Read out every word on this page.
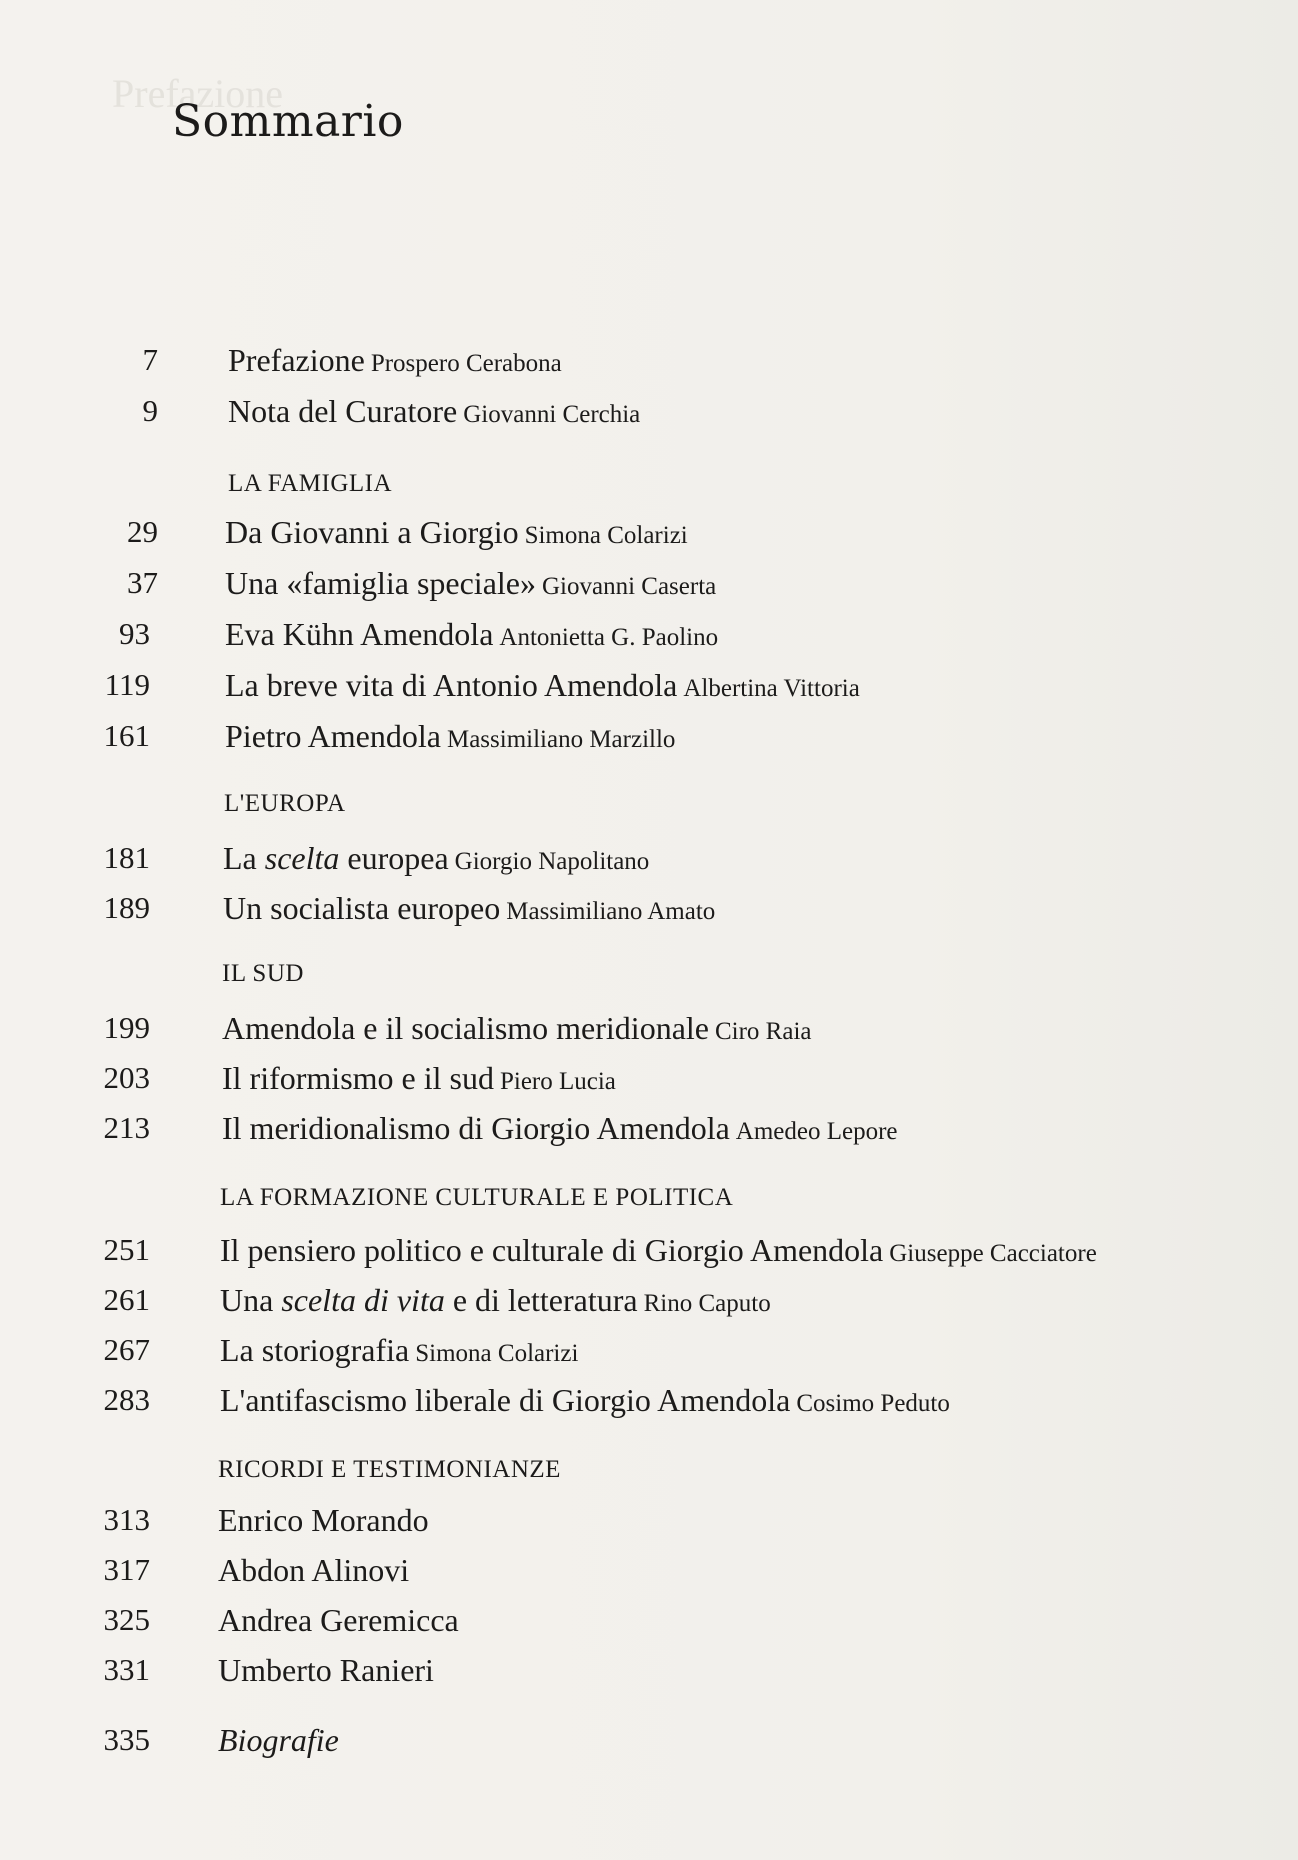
Prefazione
Sommario
7 Prefazione Prospero Cerabona
9 Nota del Curatore Giovanni Cerchia
29 Da Giovanni a Giorgio Simona Colarizi
37 Una «famiglia speciale» Giovanni Caserta
93 Eva Kühn Amendola Antonietta G. Paolino
119 La breve vita di Antonio Amendola Albertina Vittoria
161 Pietro Amendola Massimiliano Marzillo
181 La scelta europea Giorgio Napolitano
189 Un socialista europeo Massimiliano Amato
199 Amendola e il socialismo meridionale Ciro Raia
203 Il riformismo e il sud Piero Lucia
213 Il meridionalismo di Giorgio Amendola Amedeo Lepore
251 Il pensiero politico e culturale di Giorgio Amendola Giuseppe Cacciatore
261 Una scelta di vita e di letteratura Rino Caputo
267 La storiografia Simona Colarizi
283 L'antifascismo liberale di Giorgio Amendola Cosimo Peduto
313 Enrico Morando
317 Abdon Alinovi
325 Andrea Geremicca
331 Umberto Ranieri
335 Biografie
LA FAMIGLIA
L'EUROPA
IL SUD
LA FORMAZIONE CULTURALE E POLITICA
RICORDI E TESTIMONIANZE
